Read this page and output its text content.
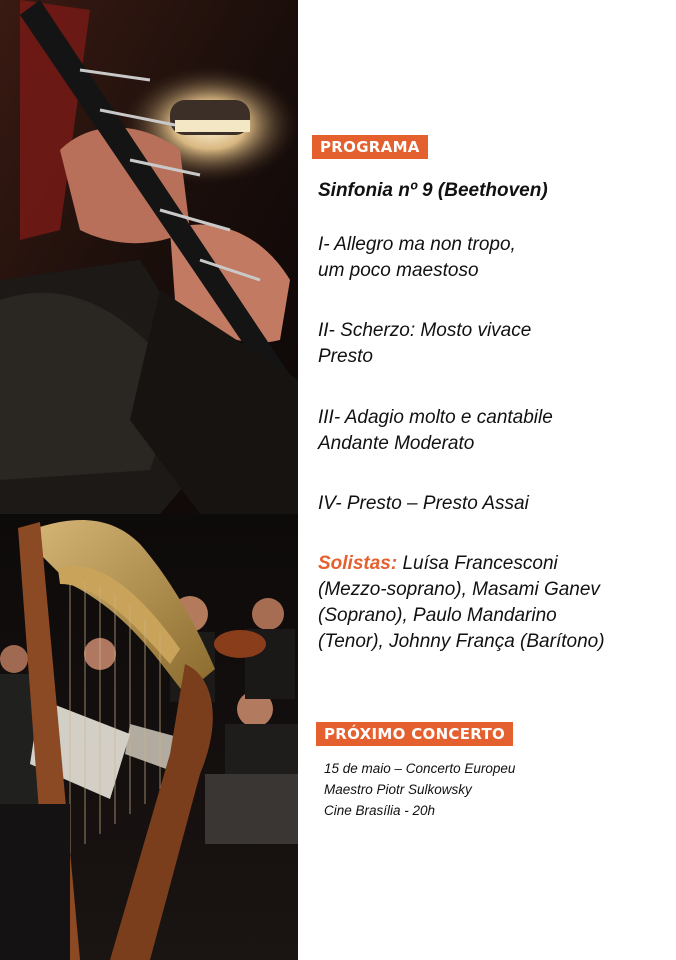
PROGRAMA
Sinfonia nº 9 (Beethoven)
I- Allegro ma non tropo,
um poco maestoso
II- Scherzo: Mosto vivace
Presto
III- Adagio molto e cantabile
Andante Moderato
IV- Presto – Presto Assai
Solistas: Luísa Francesconi
(Mezzo-soprano), Masami Ganev
(Soprano), Paulo Mandarino
(Tenor), Johnny França (Barítono)
PRÓXIMO CONCERTO
15 de maio – Concerto Europeu
Maestro Piotr Sulkowsky
Cine Brasília - 20h
